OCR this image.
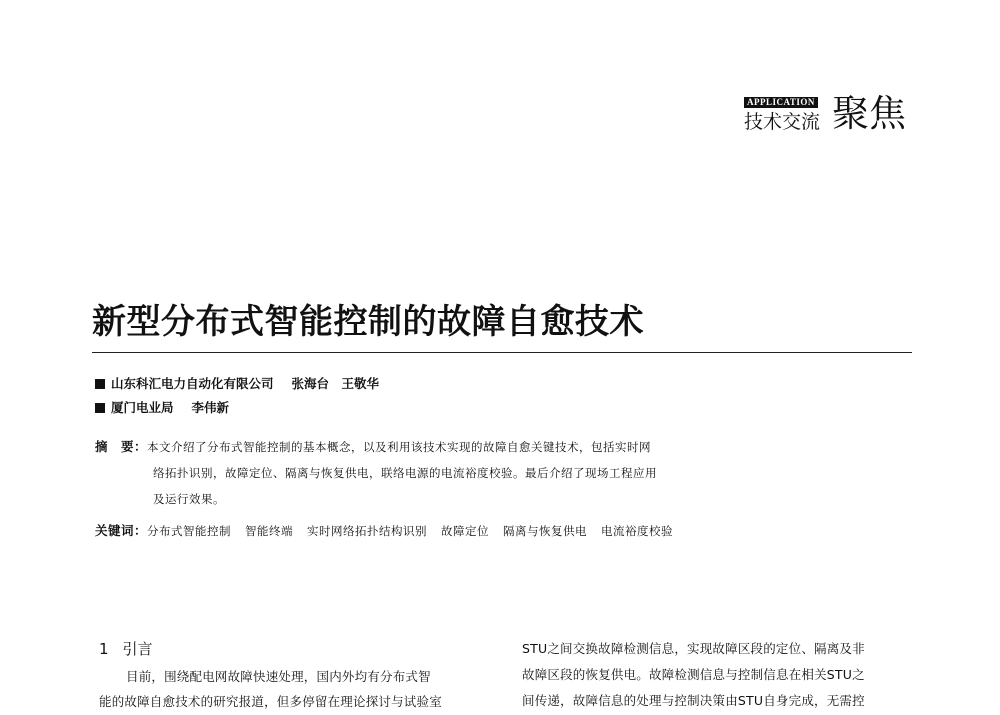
APPLICATION
技术交流 聚焦
新型分布式智能控制的故障自愈技术
山东科汇电力自动化有限公司 张海台　王敬华
厦门电业局 李伟新
摘　要：本文介绍了分布式智能控制的基本概念，以及利用该技术实现的故障自愈关键技术，包括实时网
络拓扑识别，故障定位、隔离与恢复供电，联络电源的电流裕度校验。最后介绍了现场工程应用
及运行效果。
关键词：分布式智能控制 智能终端 实时网络拓扑结构识别 故障定位 隔离与恢复供电 电流裕度校验
1 引言
目前，围绕配电网故障快速处理，国内外均有分布式智
能的故障自愈技术的研究报道，但多停留在理论探讨与试验室
STU之间交换故障检测信息，实现故障区段的定位、隔离及非
故障区段的恢复供电。故障检测信息与控制信息在相关STU之
间传递，故障信息的处理与控制决策由STU自身完成，无需控
